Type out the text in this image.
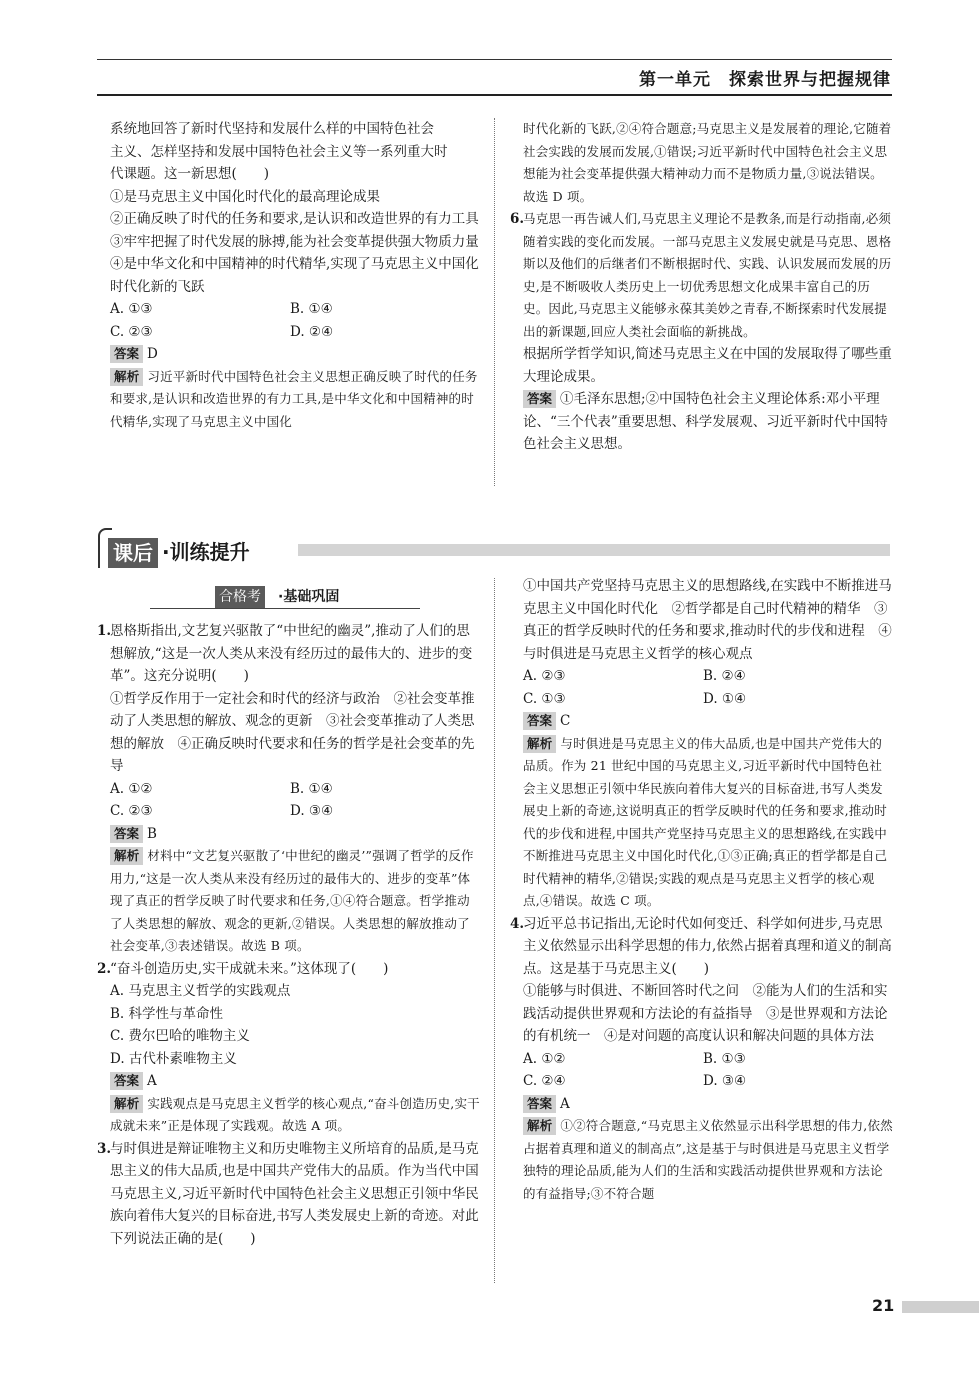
第一单元　探索世界与把握规律

系统地回答了新时代坚持和发展什么样的中国特色社会

主义、怎样坚持和发展中国特色社会主义等一系列重大时

代课题。这一新思想(　　)

①是马克思主义中国化时代化的最高理论成果

②正确反映了时代的任务和要求,是认识和改造世界的有力工具

③牢牢把握了时代发展的脉搏,能为社会变革提供强大物质力量

④是中华文化和中国精神的时代精华,实现了马克思主义中国化时代化新的飞跃

A. ①③	B. ①④
C. ②③	D. ②④

答案 D

解析 习近平新时代中国特色社会主义思想正确反映了时代的任务和要求,是认识和改造世界的有力工具,是中华文化和中国精神的时代精华,实现了马克思主义中国化

时代化新的飞跃,②④符合题意;马克思主义是发展着的理论,它随着社会实践的发展而发展,①错误;习近平新时代中国特色社会主义思想能为社会变革提供强大精神动力而不是物质力量,③说法错误。故选 D 项。

6.

马克思一再告诫人们,马克思主义理论不是教条,而是行动指南,必须随着实践的变化而发展。一部马克思主义发展史就是马克思、恩格斯以及他们的后继者们不断根据时代、实践、认识发展而发展的历史,是不断吸收人类历史上一切优秀思想文化成果丰富自己的历史。因此,马克思主义能够永葆其美妙之青春,不断探索时代发展提出的新课题,回应人类社会面临的新挑战。

根据所学哲学知识,简述马克思主义在中国的发展取得了哪些重大理论成果。

答案 ①毛泽东思想;②中国特色社会主义理论体系:邓小平理论、“三个代表”重要思想、科学发展观、习近平新时代中国特色社会主义思想。

课后 ·训练提升
合格考 ·基础巩固
1.

恩格斯指出,文艺复兴驱散了“中世纪的幽灵”,推动了人们的思想解放,“这是一次人类从来没有经历过的最伟大的、进步的变革”。这充分说明(　　)

①哲学反作用于一定社会和时代的经济与政治　②社会变革推动了人类思想的解放、观念的更新　③社会变革推动了人类思想的解放　④正确反映时代要求和任务的哲学是社会变革的先导

A. ①②	B. ①④
C. ②③	D. ③④

答案 B

解析 材料中“文艺复兴驱散了‘中世纪的幽灵’”强调了哲学的反作用力,“这是一次人类从来没有经历过的最伟大的、进步的变革”体现了真正的哲学反映了时代要求和任务,①④符合题意。哲学推动了人类思想的解放、观念的更新,②错误。人类思想的解放推动了社会变革,③表述错误。故选 B 项。

2.

“奋斗创造历史,实干成就未来。”这体现了(　　)

A. 马克思主义哲学的实践观点

B. 科学性与革命性

C. 费尔巴哈的唯物主义

D. 古代朴素唯物主义

答案 A

解析 实践观点是马克思主义哲学的核心观点,“奋斗创造历史,实干成就未来”正是体现了实践观。故选 A 项。

3.

与时俱进是辩证唯物主义和历史唯物主义所培育的品质,是马克思主义的伟大品质,也是中国共产党伟大的品质。作为当代中国马克思主义,习近平新时代中国特色社会主义思想正引领中华民族向着伟大复兴的目标奋进,书写人类发展史上新的奇迹。对此下列说法正确的是(　　)

①中国共产党坚持马克思主义的思想路线,在实践中不断推进马克思主义中国化时代化　②哲学都是自己时代精神的精华　③真正的哲学反映时代的任务和要求,推动时代的步伐和进程　④与时俱进是马克思主义哲学的核心观点

A. ②③	B. ②④
C. ①③	D. ①④

答案 C

解析 与时俱进是马克思主义的伟大品质,也是中国共产党伟大的品质。作为 21 世纪中国的马克思主义,习近平新时代中国特色社会主义思想正引领中华民族向着伟大复兴的目标奋进,书写人类发展史上新的奇迹,这说明真正的哲学反映时代的任务和要求,推动时代的步伐和进程,中国共产党坚持马克思主义的思想路线,在实践中不断推进马克思主义中国化时代化,①③正确;真正的哲学都是自己时代精神的精华,②错误;实践的观点是马克思主义哲学的核心观点,④错误。故选 C 项。

4.

习近平总书记指出,无论时代如何变迁、科学如何进步,马克思主义依然显示出科学思想的伟力,依然占据着真理和道义的制高点。这是基于马克思主义(　　)

①能够与时俱进、不断回答时代之问　②能为人们的生活和实践活动提供世界观和方法论的有益指导　③是世界观和方法论的有机统一　④是对问题的高度认识和解决问题的具体方法

A. ①②	B. ①③
C. ②④	D. ③④

答案 A

解析 ①②符合题意,“马克思主义依然显示出科学思想的伟力,依然占据着真理和道义的制高点”,这是基于与时俱进是马克思主义哲学独特的理论品质,能为人们的生活和实践活动提供世界观和方法论的有益指导;③不符合题

21
